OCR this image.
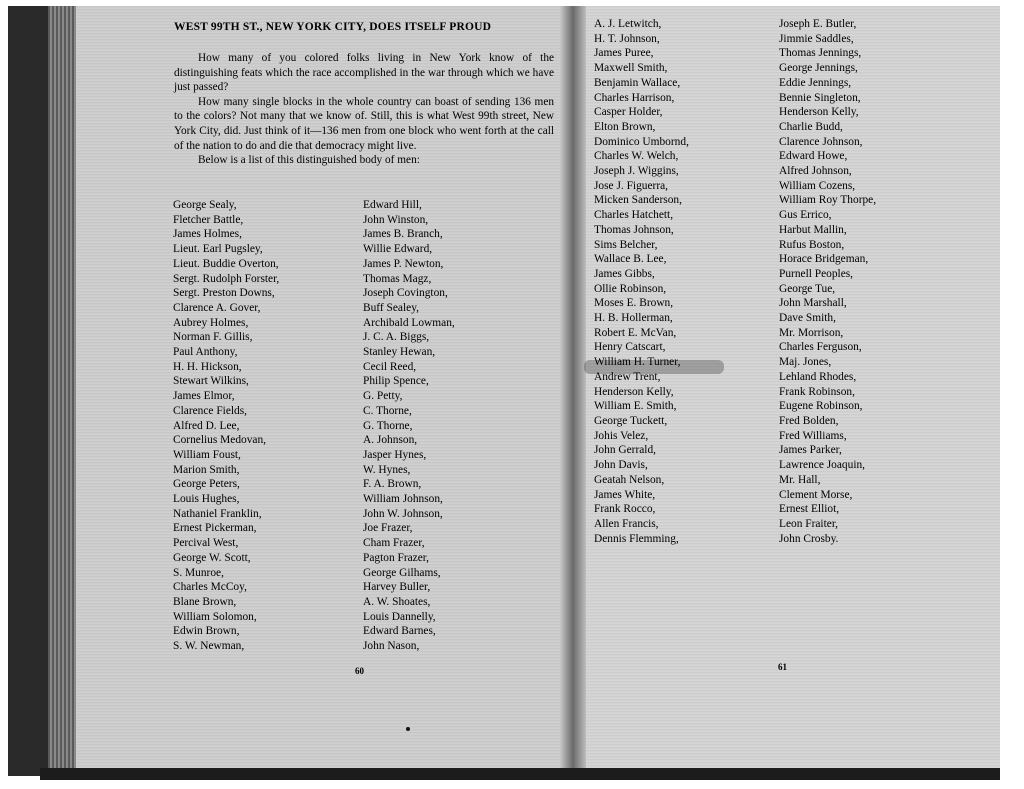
WEST 99TH ST., NEW YORK CITY, DOES ITSELF PROUD

How many of you colored folks living in New York know of the distinguishing feats which the race accomplished in the war through which we have just passed?

How many single blocks in the whole country can boast of sending 136 men to the colors? Not many that we know of. Still, this is what West 99th street, New York City, did. Just think of it—136 men from one block who went forth at the call of the nation to do and die that democracy might live.

Below is a list of this distinguished body of men:

George Sealy,
Fletcher Battle,
James Holmes,
Lieut. Earl Pugsley,
Lieut. Buddie Overton,
Sergt. Rudolph Forster,
Sergt. Preston Downs,
Clarence A. Gover,
Aubrey Holmes,
Norman F. Gillis,
Paul Anthony,
H. H. Hickson,
Stewart Wilkins,
James Elmor,
Clarence Fields,
Alfred D. Lee,
Cornelius Medovan,
William Foust,
Marion Smith,
George Peters,
Louis Hughes,
Nathaniel Franklin,
Ernest Pickerman,
Percival West,
George W. Scott,
S. Munroe,
Charles McCoy,
Blane Brown,
William Solomon,
Edwin Brown,
S. W. Newman,
Edward Hill,
John Winston,
James B. Branch,
Willie Edward,
James P. Newton,
Thomas Magz,
Joseph Covington,
Buff Sealey,
Archibald Lowman,
J. C. A. Biggs,
Stanley Hewan,
Cecil Reed,
Philip Spence,
G. Petty,
C. Thorne,
G. Thorne,
A. Johnson,
Jasper Hynes,
W. Hynes,
F. A. Brown,
William Johnson,
John W. Johnson,
Joe Frazer,
Cham Frazer,
Pagton Frazer,
George Gilhams,
Harvey Buller,
A. W. Shoates,
Louis Dannelly,
Edward Barnes,
John Nason,
60
A. J. Letwitch,
H. T. Johnson,
James Puree,
Maxwell Smith,
Benjamin Wallace,
Charles Harrison,
Casper Holder,
Elton Brown,
Dominico Umbornd,
Charles W. Welch,
Joseph J. Wiggins,
Jose J. Figuerra,
Micken Sanderson,
Charles Hatchett,
Thomas Johnson,
Sims Belcher,
Wallace B. Lee,
James Gibbs,
Ollie Robinson,
Moses E. Brown,
H. B. Hollerman,
Robert E. McVan,
Henry Catscart,
William H. Turner,
Andrew Trent,
Henderson Kelly,
William E. Smith,
George Tuckett,
Johis Velez,
John Gerrald,
John Davis,
Geatah Nelson,
James White,
Frank Rocco,
Allen Francis,
Dennis Flemming,
Joseph E. Butler,
Jimmie Saddles,
Thomas Jennings,
George Jennings,
Eddie Jennings,
Bennie Singleton,
Henderson Kelly,
Charlie Budd,
Clarence Johnson,
Edward Howe,
Alfred Johnson,
William Cozens,
William Roy Thorpe,
Gus Errico,
Harbut Mallin,
Rufus Boston,
Horace Bridgeman,
Purnell Peoples,
George Tue,
John Marshall,
Dave Smith,
Mr. Morrison,
Charles Ferguson,
Maj. Jones,
Lehland Rhodes,
Frank Robinson,
Eugene Robinson,
Fred Bolden,
Fred Williams,
James Parker,
Lawrence Joaquin,
Mr. Hall,
Clement Morse,
Ernest Elliot,
Leon Fraiter,
John Crosby.
61
